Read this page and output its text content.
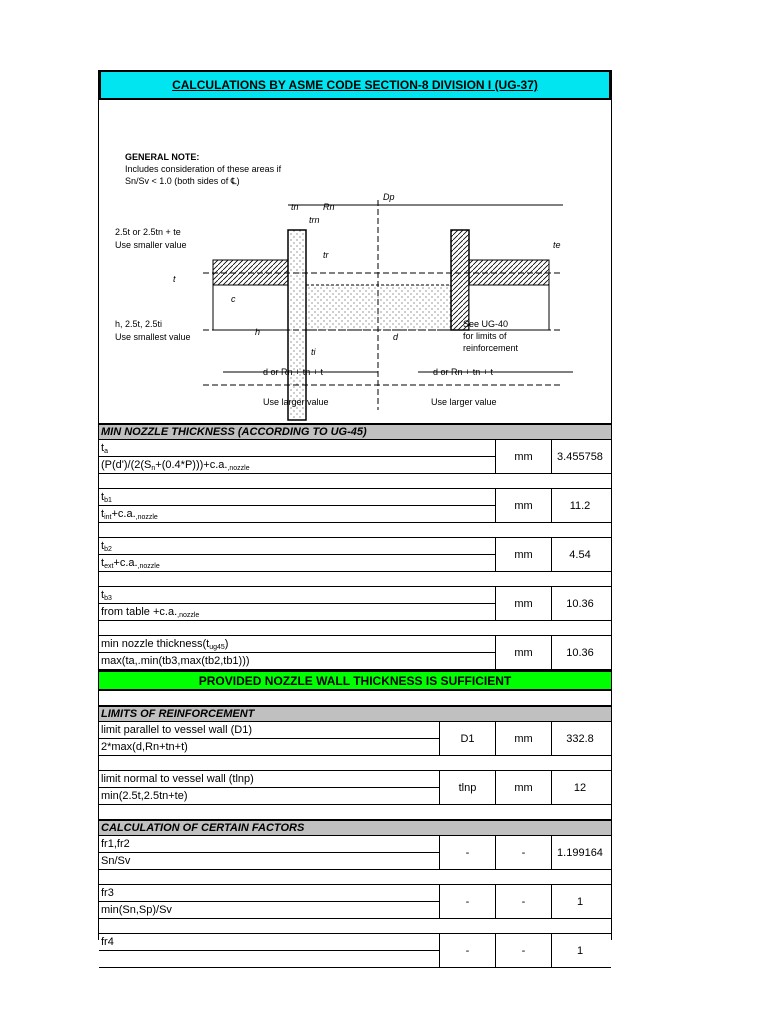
CALCULATIONS BY ASME CODE SECTION-8 DIVISION I (UG-37)
GENERAL NOTE:
Includes consideration of these areas if
Sn/Sv < 1.0 (both sides of ℄)
Dp
Rn
tn
trn
te
tr
t
c
h	d
ti
2.5t or 2.5tn + te
Use smaller value
h, 2.5t, 2.5ti
Use smallest value
See UG-40
for limits of
reinforcement
d or Rn + tn + t
Use larger value
d or Rn + tn + t
Use larger value
MIN NOZZLE THICKNESS (ACCORDING TO UG-45)
$t_a$
($P(d')/(2(S_n+(0.4*P)))+c.a._{,nozzle}$
mm	3.455758
$t_{b1}$
$t_{int}+c.a._{,nozzle}$
mm	11.2
$t_{b2}$
$t_{ext}+c.a._{,nozzle}$
mm	4.54
$t_{b3}$
from table $+c.a._{,nozzle}$
mm	10.36
min nozzle $thickness(t_{ug45})$
max(ta,.min(tb3,max(tb2,tb1)))
mm	10.36
PROVIDED NOZZLE WALL THICKNESS IS SUFFICIENT
LIMITS OF REINFORCEMENT
limit parallel to vessel wall (D1)
2*max(d,Rn+tn+t)
D1	mm	332.8
limit normal to vessel wall (tlnp)
min(2.5t,2.5tn+te)
tlnp	mm	12
CALCULATION OF CERTAIN FACTORS
fr1,fr2
Sn/Sv
-	-	1.199164
fr3
min(Sn,Sp)/Sv
-	-	1
fr4
-	-	1
